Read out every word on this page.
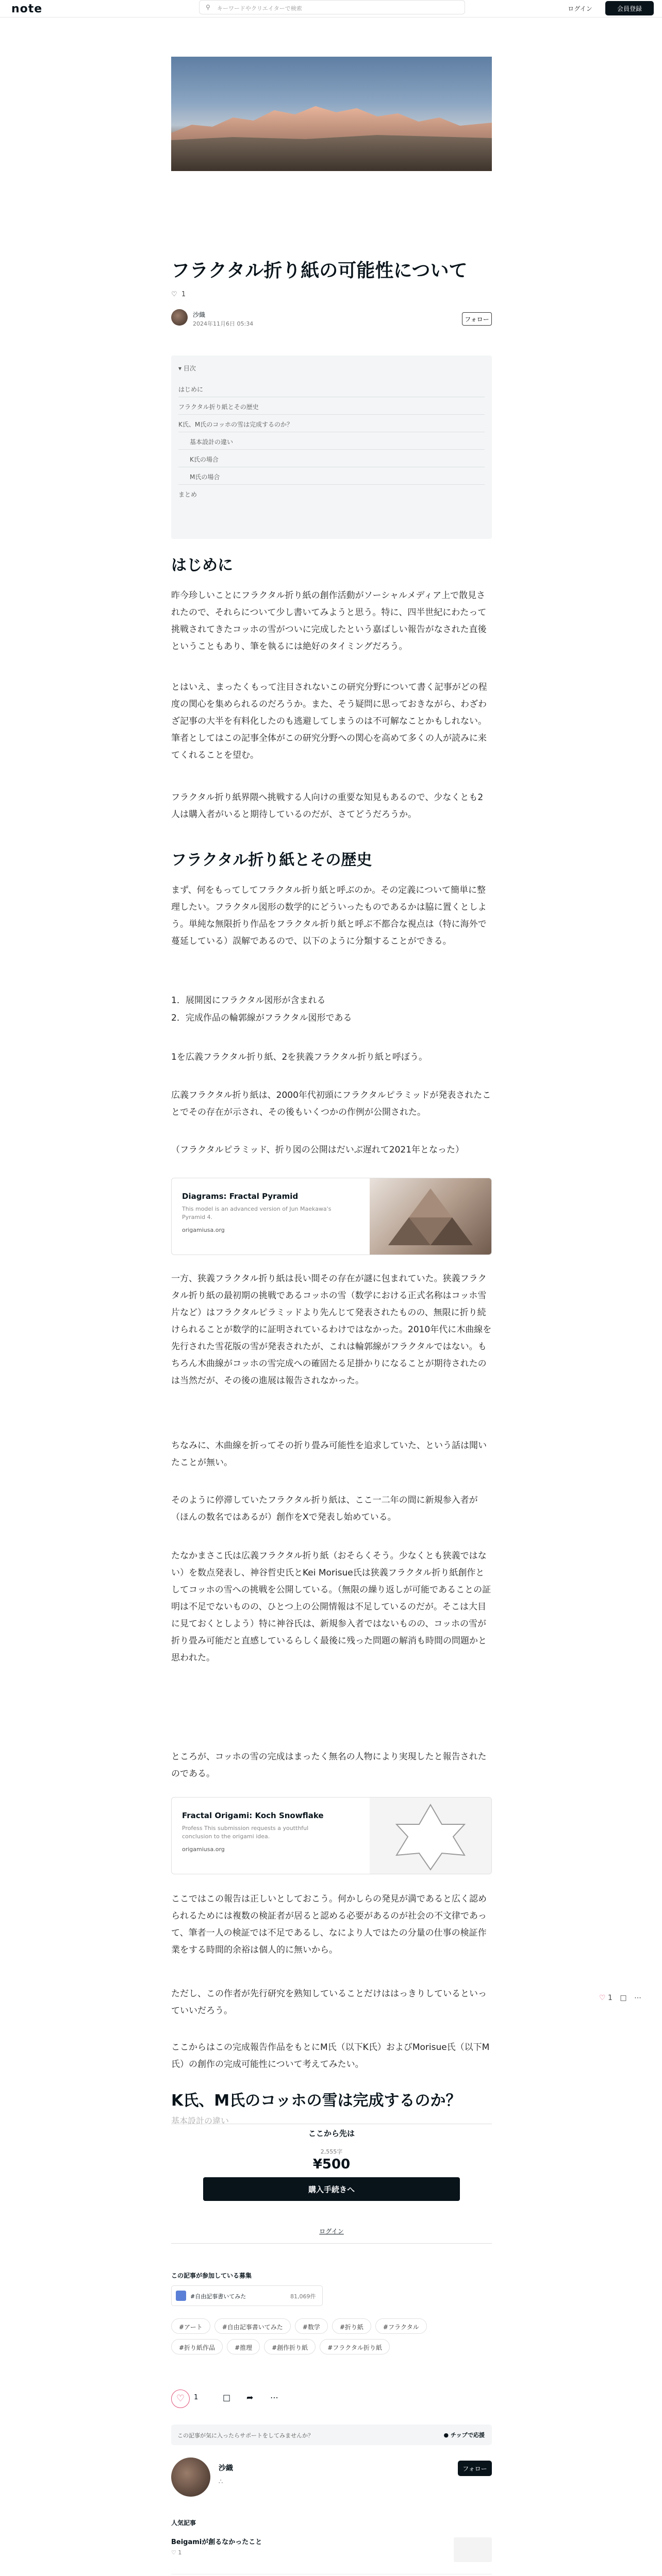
note	⚲ キーワードやクリエイターで検索	ログイン	会員登録
フラクタル折り紙の可能性について
♡ 1
沙織
2024年11月6日 05:34
フォロー
▾ 目次
はじめに
フラクタル折り紙とその歴史
K氏、M氏のコッホの雪は完成するのか？
基本設計の違い
K氏の場合
M氏の場合
まとめ
はじめに
昨今珍しいことにフラクタル折り紙の創作活動がソーシャルメディア上で散見されたので、それらについて少し書いてみようと思う。特に、四半世紀にわたって挑戦されてきたコッホの雪がついに完成したという嘉ばしい報告がなされた直後ということもあり、筆を執るには絶好のタイミングだろう。
とはいえ、まったくもって注目されないこの研究分野について書く記事がどの程度の関心を集められるのだろうか。また、そう疑問に思っておきながら、わざわざ記事の大半を有料化したのも逃避してしまうのは不可解なことかもしれない。筆者としてはこの記事全体がこの研究分野への関心を高めて多くの人が読みに来てくれることを望む。
フラクタル折り紙界隈へ挑戦する人向けの重要な知見もあるので、少なくとも2人は購入者がいると期待しているのだが、さてどうだろうか。
フラクタル折り紙とその歴史
まず、何をもってしてフラクタル折り紙と呼ぶのか。その定義について簡単に整理したい。フラクタル図形の数学的にどういったものであるかは脇に置くとしよう。単純な無限折り作品をフラクタル折り紙と呼ぶ不都合な視点は（特に海外で蔓延している）誤解であるので、以下のように分類することができる。
1．展開図にフラクタル図形が含まれる
2．完成作品の輪郭線がフラクタル図形である
1を広義フラクタル折り紙、2を狭義フラクタル折り紙と呼ぼう。
広義フラクタル折り紙は、2000年代初頭にフラクタルピラミッドが発表されたことでその存在が示され、その後もいくつかの作例が公開された。
（フラクタルピラミッド、折り図の公開はだいぶ遅れて2021年となった）
Diagrams: Fractal Pyramid
This model is an advanced version of Jun Maekawa's Pyramid 4.
origamiusa.org
一方、狭義フラクタル折り紙は長い間その存在が謎に包まれていた。狭義フラクタル折り紙の最初期の挑戦であるコッホの雪（数学における正式名称はコッホ雪片など）はフラクタルピラミッドより先んじて発表されたものの、無限に折り続けられることが数学的に証明されているわけではなかった。2010年代に木曲線を先行された雪花版の雪が発表されたが、これは輪郭線がフラクタルではない。もちろん木曲線がコッホの雪完成への確固たる足掛かりになることが期待されたのは当然だが、その後の進展は報告されなかった。
ちなみに、木曲線を折ってその折り畳み可能性を追求していた、という話は聞いたことが無い。
そのように停滞していたフラクタル折り紙は、ここ一二年の間に新規参入者が（ほんの数名ではあるが）創作をXで発表し始めている。
たなかまさこ氏は広義フラクタル折り紙（おそらくそう。少なくとも狭義ではない）を数点発表し、神谷哲史氏とKei Morisue氏は狭義フラクタル折り紙創作としてコッホの雪への挑戦を公開している。（無限の繰り返しが可能であることの証明は不足でないものの、ひとつ上の公開情報は不足しているのだが。そこは大目に見ておくとしよう）特に神谷氏は、新規参入者ではないものの、コッホの雪が折り畳み可能だと直感しているらしく最後に残った問題の解消も時間の問題かと思われた。
ところが、コッホの雪の完成はまったく無名の人物により実現したと報告されたのである。
Fractal Origami: Koch Snowflake
Profess This submission requests a youtthful conclusion to the origami idea.
origamiusa.org
ここではこの報告は正しいとしておこう。何かしらの発見が満であると広く認められるためには複数の検証者が居ると認める必要があるのが社会の不文律であって、筆者一人の検証では不足であるし、なにより人ではたの分量の仕事の検証作業をする時間的余裕は個人的に無いから。
ただし、この作者が先行研究を熟知していることだけははっきりしているといっていいだろう。
ここからはこの完成報告作品をもとにM氏（以下K氏）およびMorisue氏（以下M氏）の創作の完成可能性について考えてみたい。
K氏、M氏のコッホの雪は完成するのか？
基本設計の違い
♡ 1 □ ⋯
ここから先は
2,555字
¥500
購入手続きへ
ログイン
この記事が参加している募集
#自由記事書いてみた	81,069件
#アート	#自由記事書いてみた	#数学	#折り紙	#フラクタル
#折り紙作品	#推理	#創作折り紙	#フラクタル折り紙
♡	1	□ ➦ ⋯
この記事が気に入ったらサポートをしてみませんか？	● チップで応援
沙織
∴
フォロー
人気記事
Beigamiが創るなかったこと
♡ 1
